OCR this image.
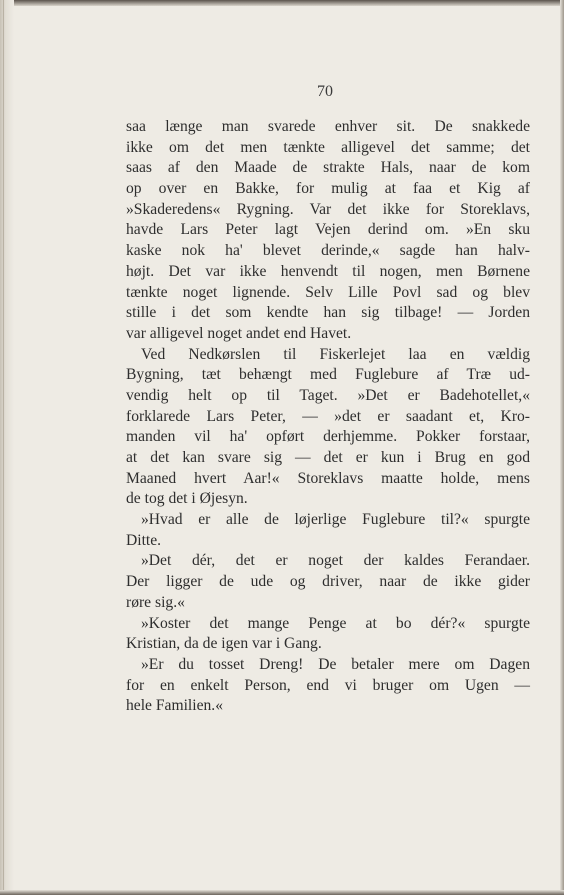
70
saa længe man svarede enhver sit. De snakkede
ikke om det men tænkte alligevel det samme; det
saas af den Maade de strakte Hals, naar de kom
op over en Bakke, for mulig at faa et Kig af
»Skaderedens« Rygning. Var det ikke for Storeklavs,
havde Lars Peter lagt Vejen derind om. »En sku
kaske nok ha' blevet derinde,« sagde han halv-
højt. Det var ikke henvendt til nogen, men Børnene
tænkte noget lignende. Selv Lille Povl sad og blev
stille i det som kendte han sig tilbage! — Jorden
var alligevel noget andet end Havet.
Ved Nedkørslen til Fiskerlejet laa en vældig
Bygning, tæt behængt med Fuglebure af Træ ud-
vendig helt op til Taget. »Det er Badehotellet,«
forklarede Lars Peter, — »det er saadant et, Kro-
manden vil ha' opført derhjemme. Pokker forstaar,
at det kan svare sig — det er kun i Brug en god
Maaned hvert Aar!« Storeklavs maatte holde, mens
de tog det i Øjesyn.
»Hvad er alle de løjerlige Fuglebure til?« spurgte
Ditte.
»Det dér, det er noget der kaldes Ferandaer.
Der ligger de ude og driver, naar de ikke gider
røre sig.«
»Koster det mange Penge at bo dér?« spurgte
Kristian, da de igen var i Gang.
»Er du tosset Dreng! De betaler mere om Dagen
for en enkelt Person, end vi bruger om Ugen —
hele Familien.«
